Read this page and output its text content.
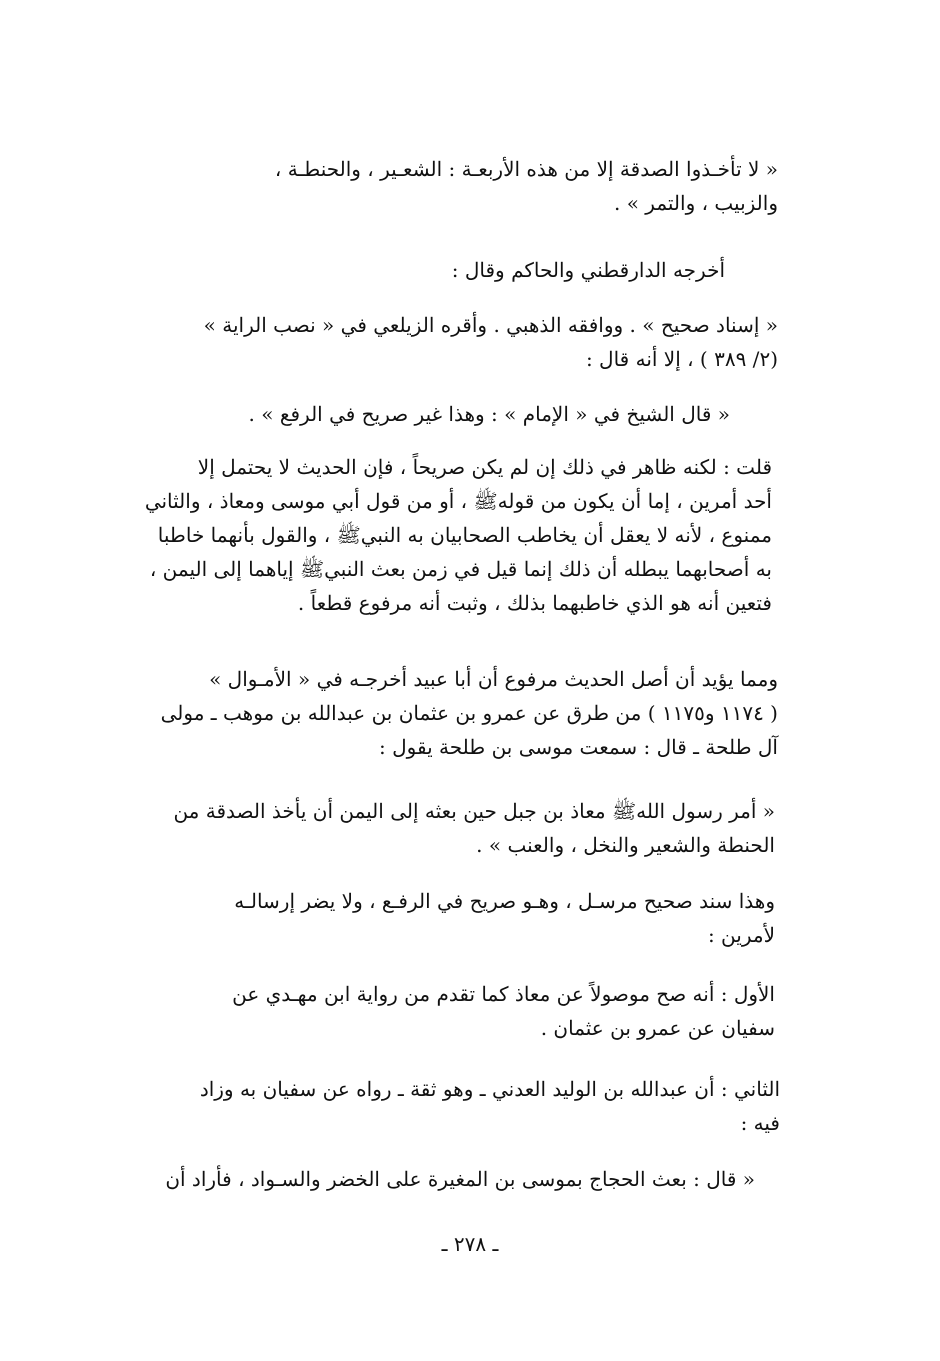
« لا تأخـذوا الصدقة إلا من هذه الأربعـة : الشعـير ، والحنطـة ،
والزبيب ، والتمر » .

أخرجه الدارقطني والحاكم وقال :

« إسناد صحيح » . ووافقه الذهبي . وأقره الزيلعي في « نصب الراية »
(٢/ ٣٨٩ ) ، إلا أنه قال :

« قال الشيخ في « الإمام » : وهذا غير صريح في الرفع » .

قلت : لكنه ظاهر في ذلك إن لم يكن صريحاً ، فإن الحديث لا يحتمل إلا
أحد أمرين ، إما أن يكون من قولهﷺ ، أو من قول أبي موسى ومعاذ ، والثاني
ممنوع ، لأنه لا يعقل أن يخاطب الصحابيان به النبيﷺ ، والقول بأنهما خاطبا
به أصحابهما يبطله أن ذلك إنما قيل في زمن بعث النبيﷺ إياهما إلى اليمن ،
فتعين أنه هو الذي خاطبهما بذلك ، وثبت أنه مرفوع قطعاً .

ومما يؤيد أن أصل الحديث مرفوع أن أبا عبيد أخرجـه في « الأمـوال »
( ١١٧٤ و١١٧٥ ) من طرق عن عمرو بن عثمان بن عبدالله بن موهب ـ مولى
آل طلحة ـ قال : سمعت موسى بن طلحة يقول :

« أمر رسول اللهﷺ معاذ بن جبل حين بعثه إلى اليمن أن يأخذ الصدقة من
الحنطة والشعير والنخل ، والعنب » .

وهذا سند صحيح مرسـل ، وهـو صريح في الرفـع ، ولا يضر إرسالـه
لأمرين :

الأول : أنه صح موصولاً عن معاذ كما تقدم من رواية ابن مهـدي عن
سفيان عن عمرو بن عثمان .

الثاني : أن عبدالله بن الوليد العدني ـ وهو ثقة ـ رواه عن سفيان به وزاد
فيه :

« قال : بعث الحجاج بموسى بن المغيرة على الخضر والسـواد ، فأراد أن

ـ ٢٧٨ ـ
